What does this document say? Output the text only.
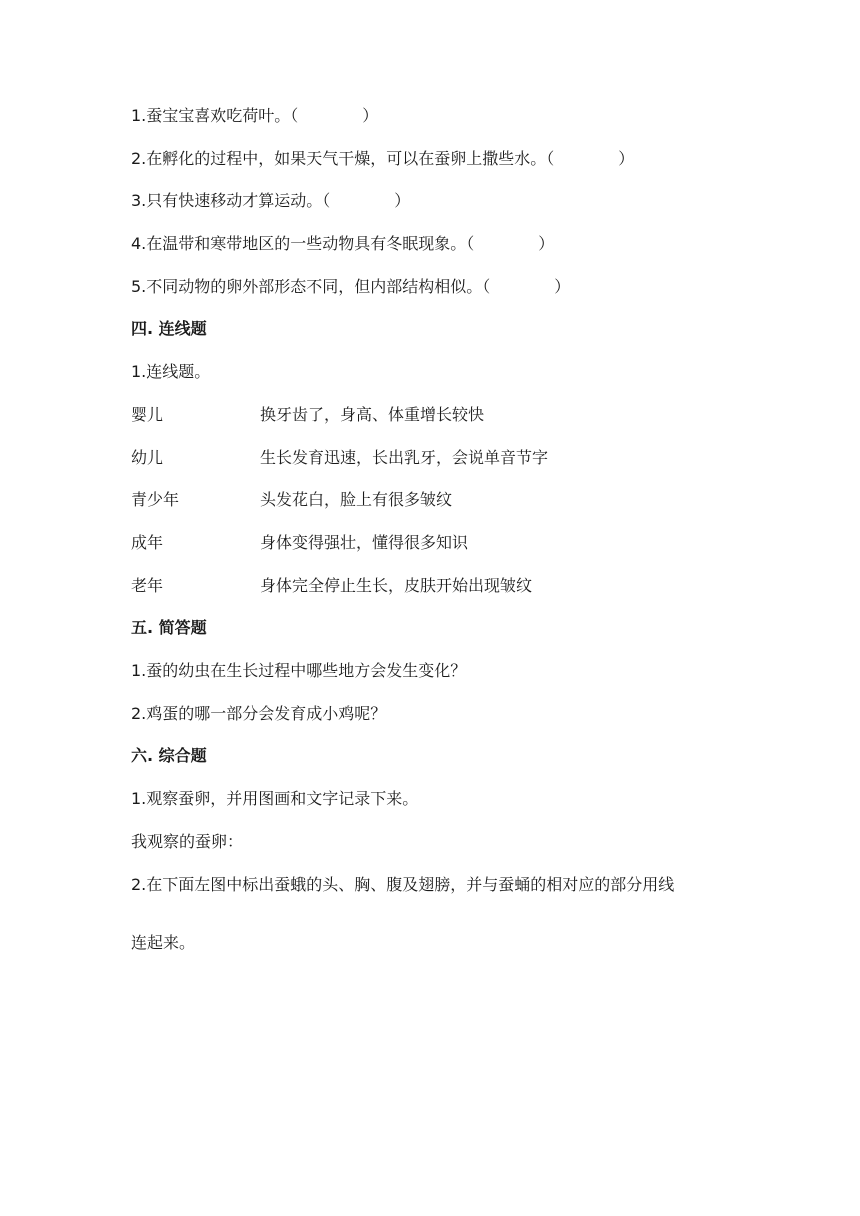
1.蚕宝宝喜欢吃荷叶。（	）
2.在孵化的过程中，如果天气干燥，可以在蚕卵上撒些水。（	）
3.只有快速移动才算运动。（	）
4.在温带和寒带地区的一些动物具有冬眠现象。（	）
5.不同动物的卵外部形态不同，但内部结构相似。（	）
四. 连线题
1.连线题。
婴儿	换牙齿了，身高、体重增长较快
幼儿	生长发育迅速，长出乳牙，会说单音节字
青少年	头发花白，脸上有很多皱纹
成年	身体变得强壮，懂得很多知识
老年	身体完全停止生长，皮肤开始出现皱纹
五. 简答题
1.蚕的幼虫在生长过程中哪些地方会发生变化？
2.鸡蛋的哪一部分会发育成小鸡呢？
六. 综合题
1.观察蚕卵，并用图画和文字记录下来。
我观察的蚕卵：
2.在下面左图中标出蚕蛾的头、胸、腹及翅膀，并与蚕蛹的相对应的部分用线
连起来。
